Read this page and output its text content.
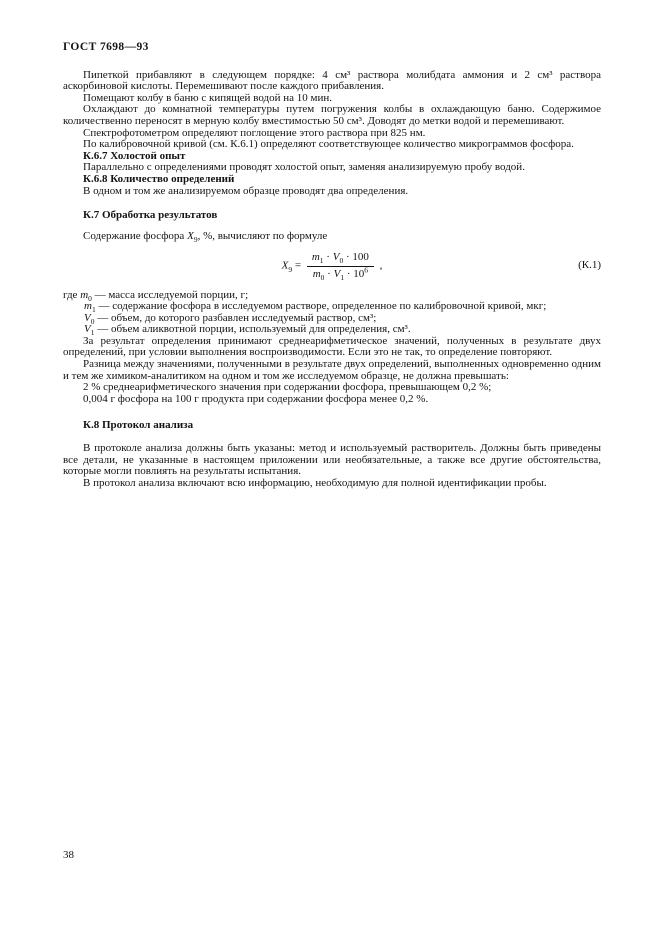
ГОСТ 7698—93

Пипеткой прибавляют в следующем порядке: 4 см³ раствора молибдата аммония и 2 см³ раствора аскорбиновой кислоты. Перемешивают после каждого прибавления.

Помещают колбу в баню с кипящей водой на 10 мин.

Охлаждают до комнатной температуры путем погружения колбы в охлаждающую баню. Содержимое количественно переносят в мерную колбу вместимостью 50 см³. Доводят до метки водой и перемешивают.

Спектрофотометром определяют поглощение этого раствора при 825 нм.

По калибровочной кривой (см. К.6.1) определяют соответствующее количество микрограммов фосфора.

К.6.7 Холостой опыт

Параллельно с определениями проводят холостой опыт, заменяя анализируемую пробу водой.

К.6.8 Количество определений

В одном и том же анализируемом образце проводят два определения.

К.7 Обработка результатов

Содержание фосфора $X_9$, %, вычисляют по формуле

$X_9 = \frac{m_1 \cdot V_0 \cdot 100}{m_0 \cdot V_1 \cdot 10^6}$ ,	(К.1)
где $m_0$ — масса исследуемой порции, г;
$m_1$ — содержание фосфора в исследуемом растворе, определенное по калибровочной кривой, мкг;
$V_0$ — объем, до которого разбавлен исследуемый раствор, см³;
$V_1$ — объем аликвотной порции, используемый для определения, см³.

За результат определения принимают среднеарифметическое значений, полученных в результате двух определений, при условии выполнения воспроизводимости. Если это не так, то определение повторяют.

Разница между значениями, полученными в результате двух определений, выполненных одновременно одним и тем же химиком-аналитиком на одном и том же исследуемом образце, не должна превышать:

2 % среднеарифметического значения при содержании фосфора, превышающем 0,2 %;

0,004 г фосфора на 100 г продукта при содержании фосфора менее 0,2 %.

К.8 Протокол анализа

В протоколе анализа должны быть указаны: метод и используемый растворитель. Должны быть приведены все детали, не указанные в настоящем приложении или необязательные, а также все другие обстоятельства, которые могли повлиять на результаты испытания.

В протокол анализа включают всю информацию, необходимую для полной идентификации пробы.

38
